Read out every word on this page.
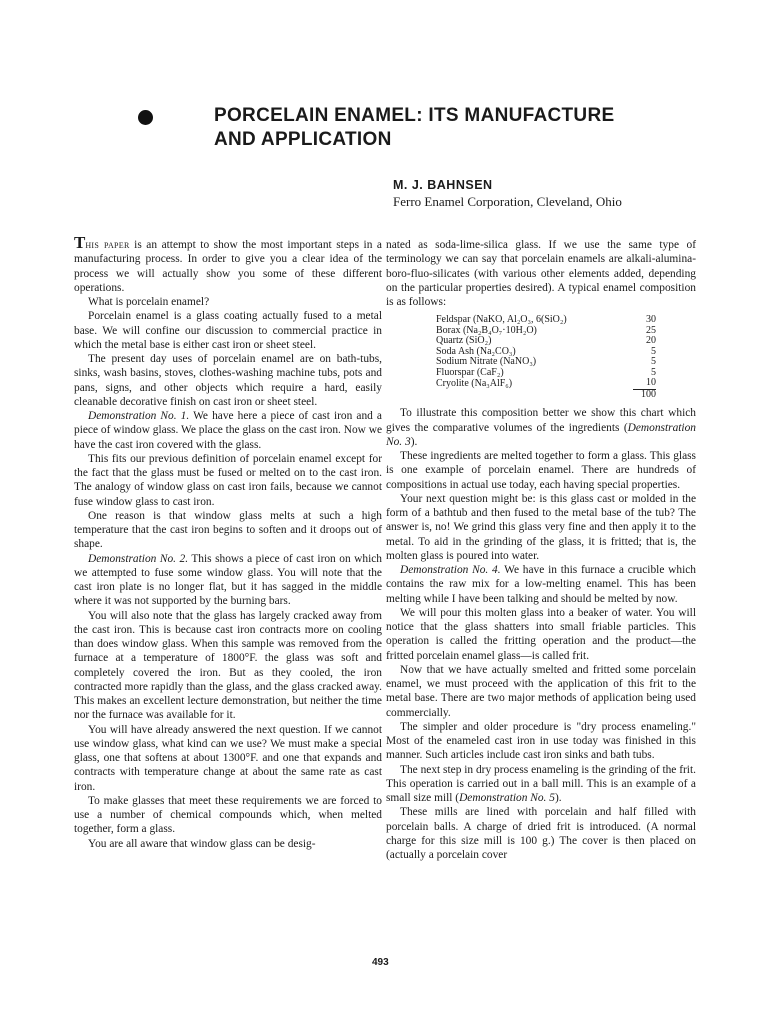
PORCELAIN ENAMEL: ITS MANUFACTURE
AND APPLICATION
M. J. BAHNSEN
Ferro Enamel Corporation, Cleveland, Ohio

This paper is an attempt to show the most important steps in a manufacturing process. In order to give you a clear idea of the process we will actually show you some of these different operations.

What is porcelain enamel?

Porcelain enamel is a glass coating actually fused to a metal base. We will confine our discussion to commercial practice in which the metal base is either cast iron or sheet steel.

The present day uses of porcelain enamel are on bath-tubs, sinks, wash basins, stoves, clothes-washing machine tubs, pots and pans, signs, and other objects which require a hard, easily cleanable decorative finish on cast iron or sheet steel.

Demonstration No. 1. We have here a piece of cast iron and a piece of window glass. We place the glass on the cast iron. Now we have the cast iron covered with the glass.

This fits our previous definition of porcelain enamel except for the fact that the glass must be fused or melted on to the cast iron. The analogy of window glass on cast iron fails, because we cannot fuse window glass to cast iron.

One reason is that window glass melts at such a high temperature that the cast iron begins to soften and it droops out of shape.

Demonstration No. 2. This shows a piece of cast iron on which we attempted to fuse some window glass. You will note that the cast iron plate is no longer flat, but it has sagged in the middle where it was not supported by the burning bars.

You will also note that the glass has largely cracked away from the cast iron. This is because cast iron contracts more on cooling than does window glass. When this sample was removed from the furnace at a temperature of 1800°F. the glass was soft and completely covered the iron. But as they cooled, the iron contracted more rapidly than the glass, and the glass cracked away. This makes an excellent lecture demonstration, but neither the time nor the furnace was available for it.

You will have already answered the next question. If we cannot use window glass, what kind can we use? We must make a special glass, one that softens at about 1300°F. and one that expands and contracts with temperature change at about the same rate as cast iron.

To make glasses that meet these requirements we are forced to use a number of chemical compounds which, when melted together, form a glass.

You are all aware that window glass can be desig-

nated as soda-lime-silica glass. If we use the same type of terminology we can say that porcelain enamels are alkali-alumina-boro-fluo-silicates (with various other elements added, depending on the particular properties desired). A typical enamel composition is as follows:

Feldspar (NaKO, Al₂O₃, 6(SiO₂)	30
Borax (Na₂B₄O₇·10H₂O)	25
Quartz (SiO₂)	20
Soda Ash (Na₂CO₃)	5
Sodium Nitrate (NaNO₃)	5
Fluorspar (CaF₂)	5
Cryolite (Na₃AlF₆)	10
	100

To illustrate this composition better we show this chart which gives the comparative volumes of the ingredients (Demonstration No. 3).

These ingredients are melted together to form a glass. This glass is one example of porcelain enamel. There are hundreds of compositions in actual use today, each having special properties.

Your next question might be: is this glass cast or molded in the form of a bathtub and then fused to the metal base of the tub? The answer is, no! We grind this glass very fine and then apply it to the metal. To aid in the grinding of the glass, it is fritted; that is, the molten glass is poured into water.

Demonstration No. 4. We have in this furnace a crucible which contains the raw mix for a low-melting enamel. This has been melting while I have been talking and should be melted by now.

We will pour this molten glass into a beaker of water. You will notice that the glass shatters into small friable particles. This operation is called the fritting operation and the product—the fritted porcelain enamel glass—is called frit.

Now that we have actually smelted and fritted some porcelain enamel, we must proceed with the application of this frit to the metal base. There are two major methods of application being used commercially.

The simpler and older procedure is "dry process enameling." Most of the enameled cast iron in use today was finished in this manner. Such articles include cast iron sinks and bath tubs.

The next step in dry process enameling is the grinding of the frit. This operation is carried out in a ball mill. This is an example of a small size mill (Demonstration No. 5).

These mills are lined with porcelain and half filled with porcelain balls. A charge of dried frit is introduced. (A normal charge for this size mill is 100 g.) The cover is then placed on (actually a porcelain cover

493
